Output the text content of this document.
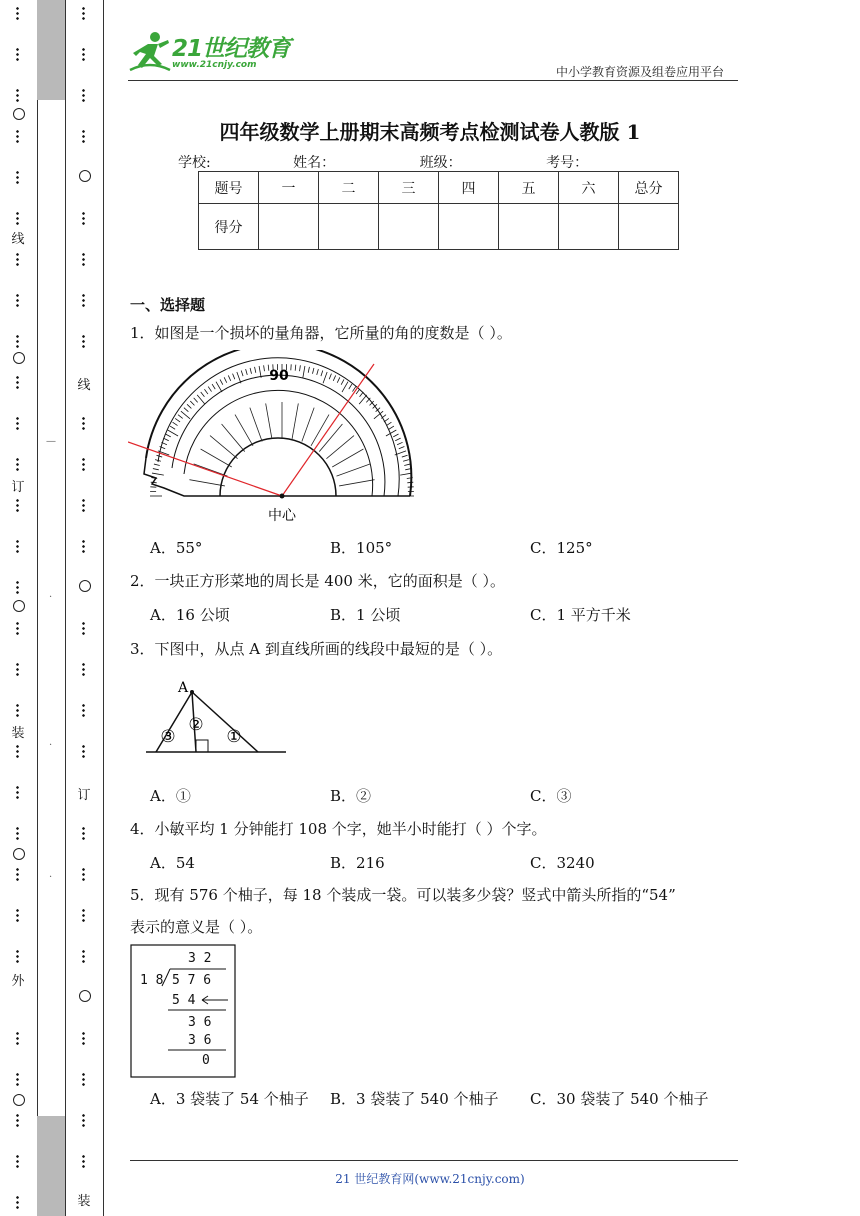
线
订
装
外
线
订
装
—
·
·
·
21世纪教育
www.21cnjy.com	中小学教育资源及组卷应用平台
四年级数学上册期末高频考点检测试卷人教版 1
学校:	姓名：	班级：	考号：
题号	一	二	三	四	五	六	总分
得分							
一、选择题
1．如图是一个损坏的量角器，它所量的角的度数是（ ）。
90
中心
A．55°	B．105°	C．125°
2．一块正方形菜地的周长是 400 米，它的面积是（ ）。
A．16 公顷	B．1 公顷	C．1 平方千米
3．下图中，从点 A 到直线所画的线段中最短的是（ ）。
A
③
②
①
A．①	B．②	C．③
4．小敏平均 1 分钟能打 108 个字，她半小时能打（ ）个字。
A．54	B．216	C．3240
5．现有 576 个柚子，每 18 个装成一袋。可以装多少袋？竖式中箭头所指的“54”
表示的意义是（ ）。
3 2
1 8 5 7 6
5 4
3 6
3 6
0
A．3 袋装了 54 个柚子 B．3 袋装了 540 个柚子 C．30 袋装了 540 个柚子
21 世纪教育网(www.21cnjy.com)
